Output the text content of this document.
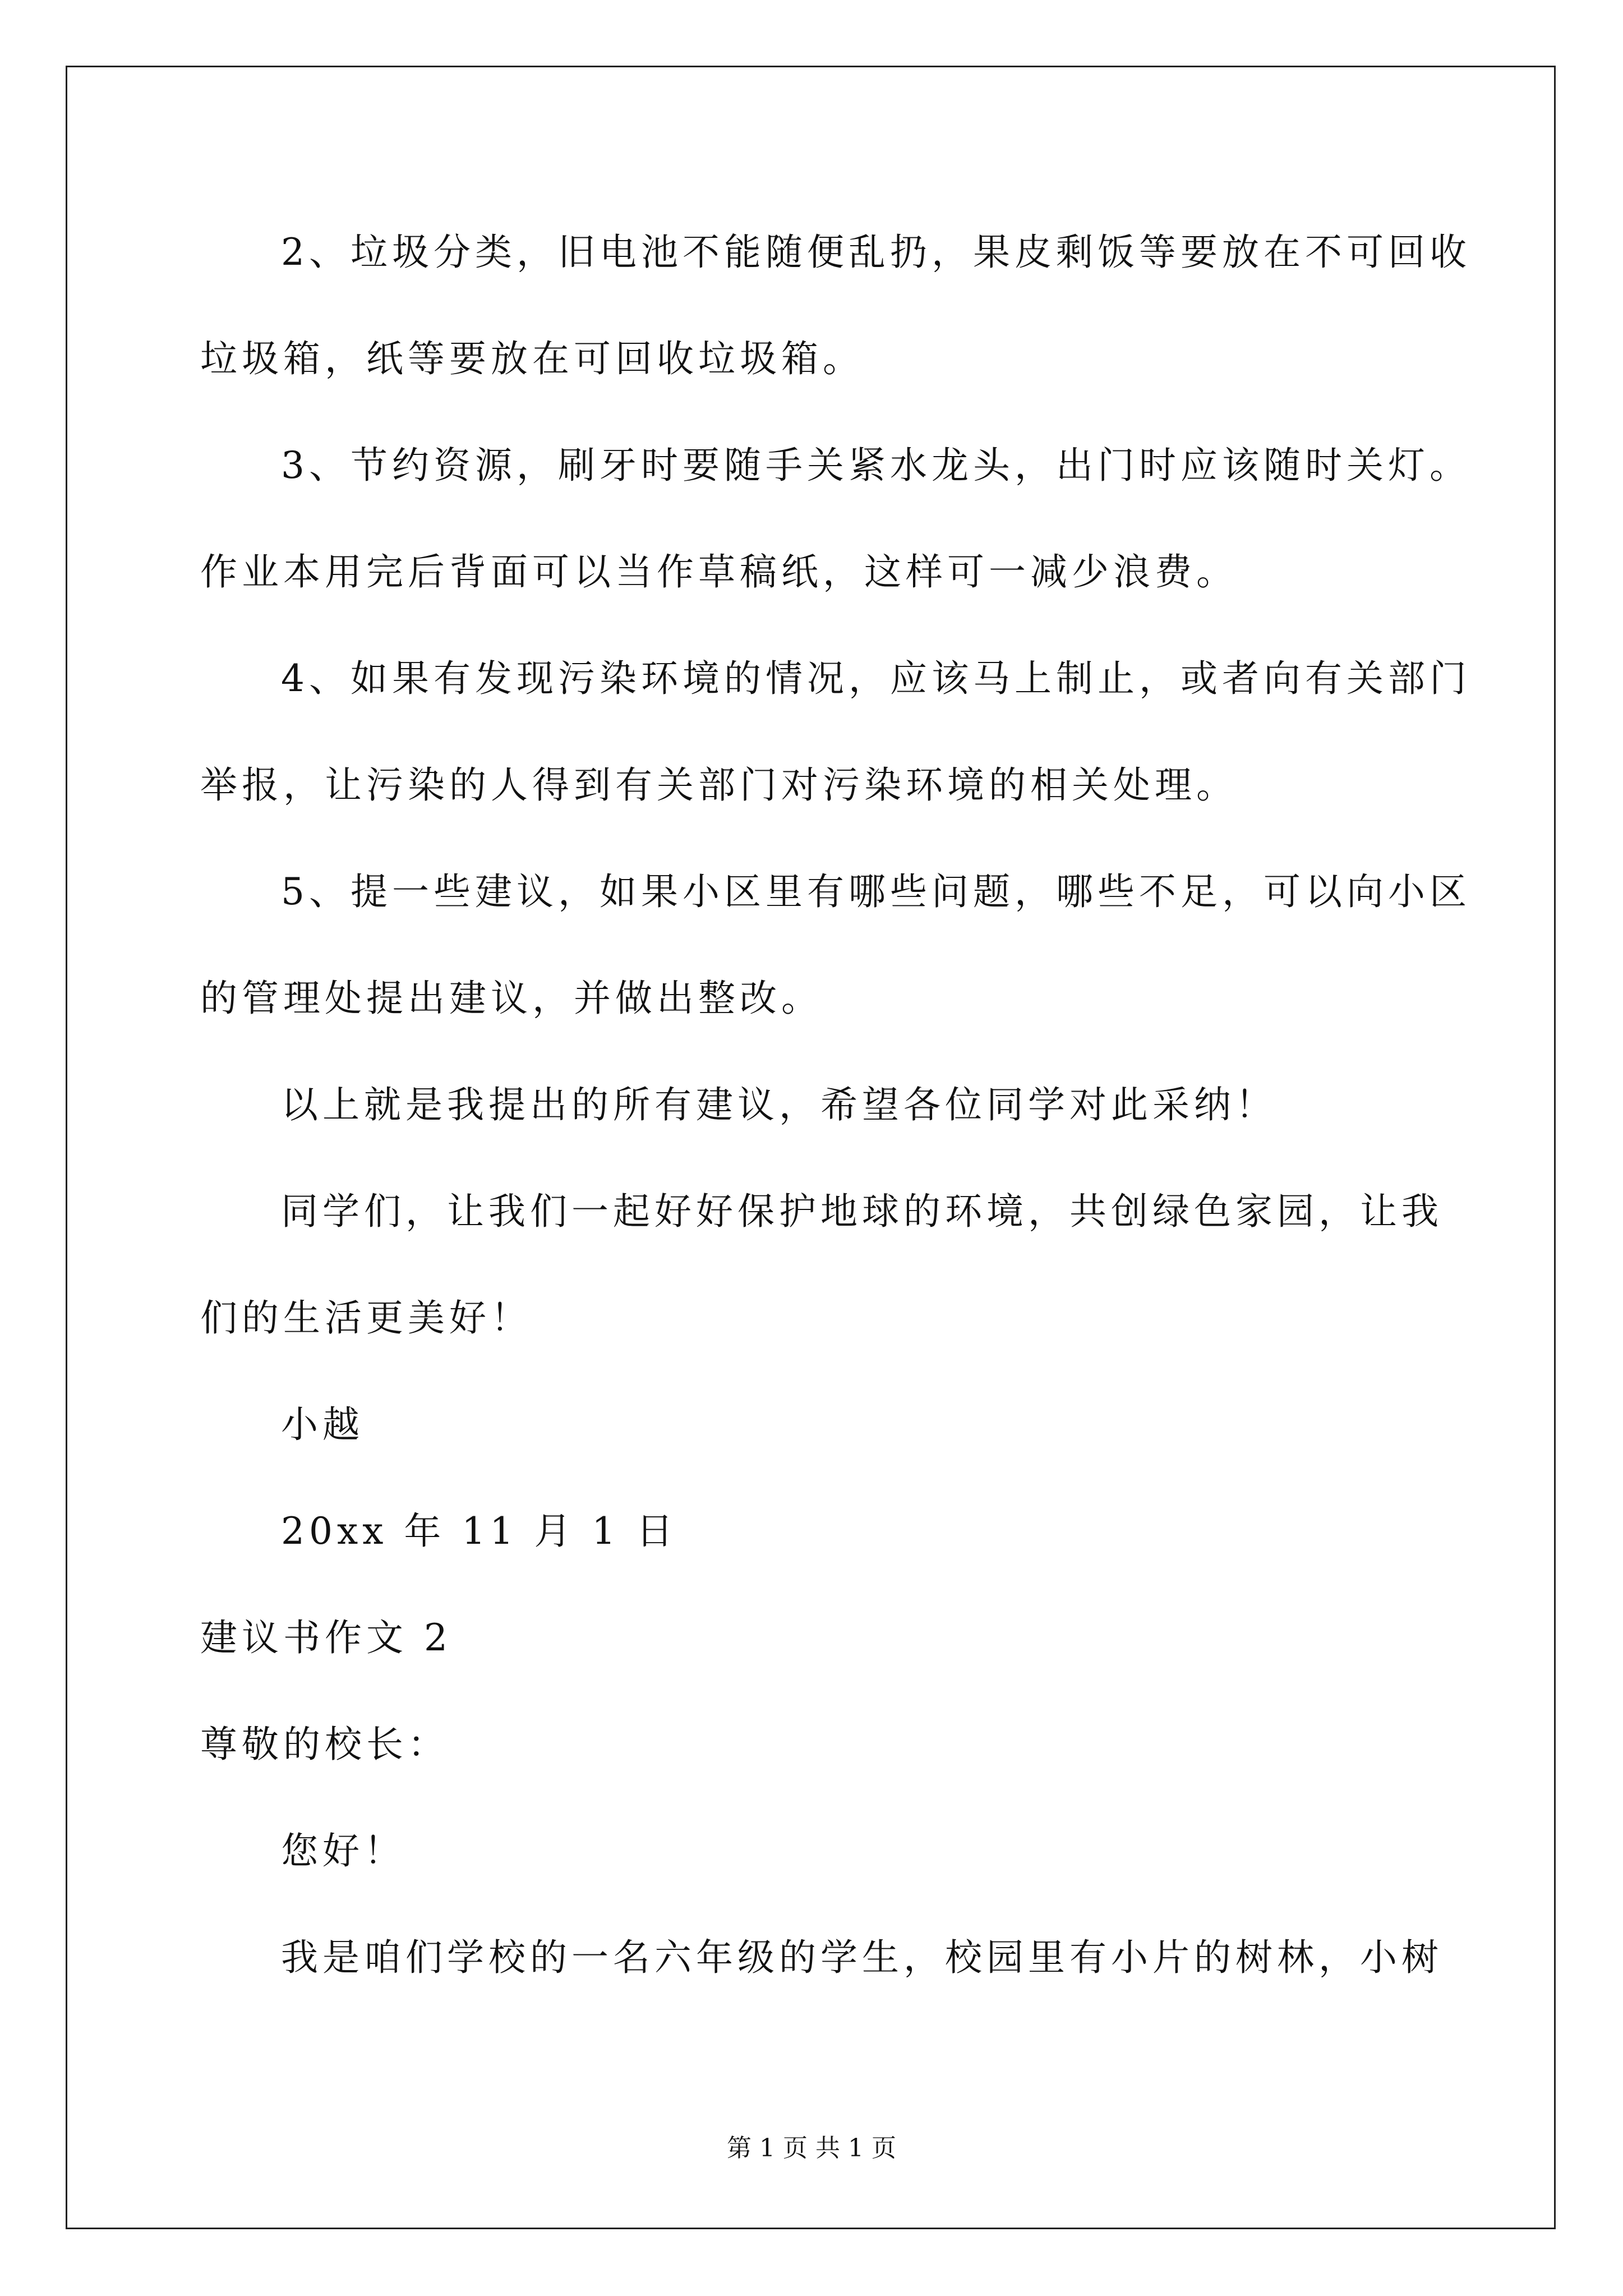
2、垃圾分类，旧电池不能随便乱扔，果皮剩饭等要放在不可回收
垃圾箱，纸等要放在可回收垃圾箱。
3、节约资源，刷牙时要随手关紧水龙头，出门时应该随时关灯。
作业本用完后背面可以当作草稿纸，这样可一减少浪费。
4、如果有发现污染环境的情况，应该马上制止，或者向有关部门
举报，让污染的人得到有关部门对污染环境的相关处理。
5、提一些建议，如果小区里有哪些问题，哪些不足，可以向小区
的管理处提出建议，并做出整改。
以上就是我提出的所有建议，希望各位同学对此采纳！
同学们，让我们一起好好保护地球的环境，共创绿色家园，让我
们的生活更美好！
小越
20xx 年 11 月 1 日
建议书作文 2
尊敬的校长：
您好！
我是咱们学校的一名六年级的学生，校园里有小片的树林，小树
第 1 页 共 1 页
